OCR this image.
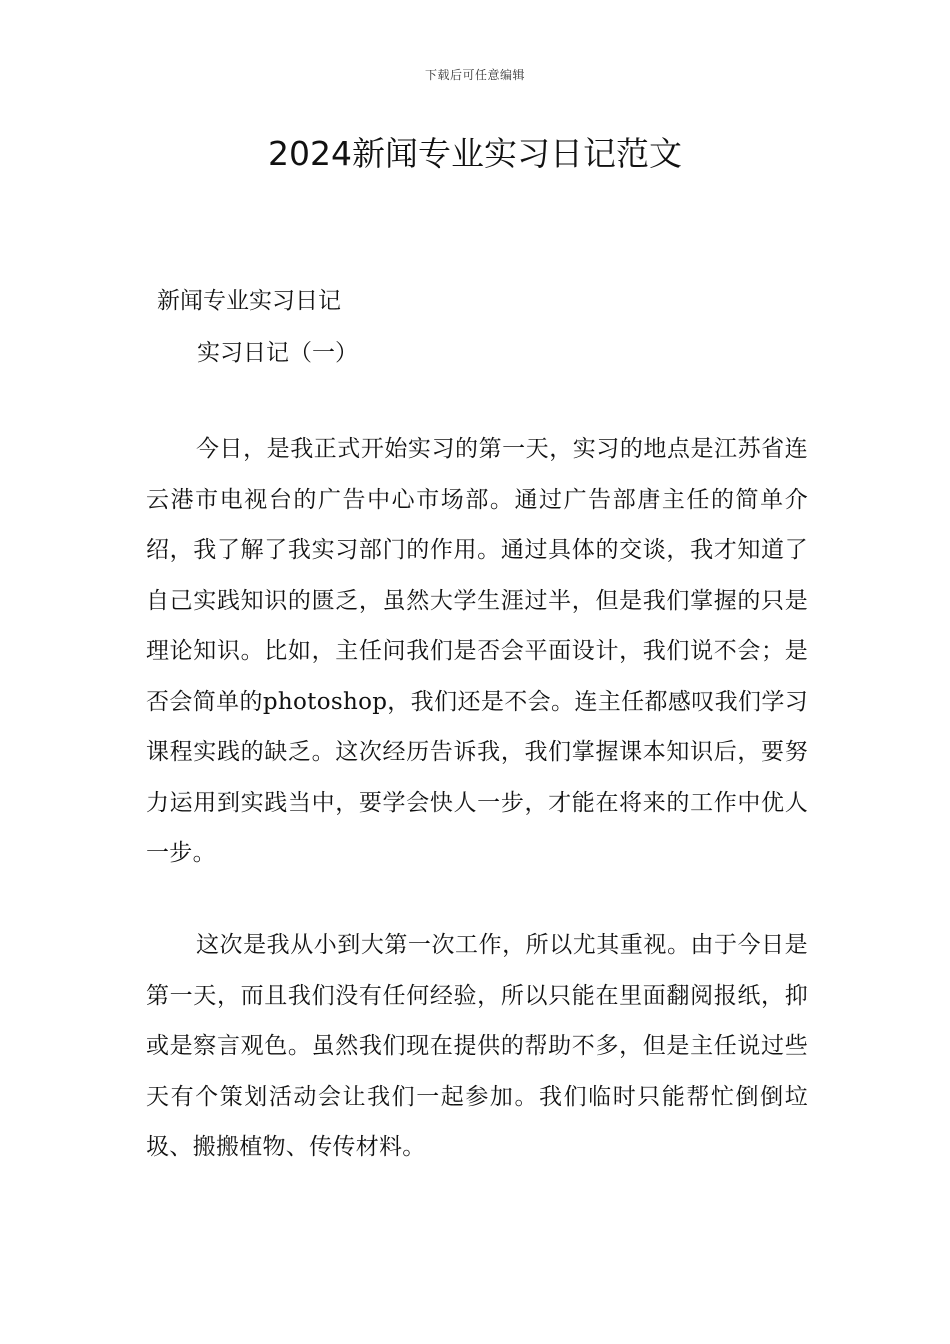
下载后可任意编辑
2024新闻专业实习日记范文
新闻专业实习日记
实习日记（一）

今日，是我正式开始实习的第一天，实习的地点是江苏省连云港市电视台的广告中心市场部。通过广告部唐主任的简单介绍，我了解了我实习部门的作用。通过具体的交谈，我才知道了自己实践知识的匮乏，虽然大学生涯过半，但是我们掌握的只是理论知识。比如，主任问我们是否会平面设计，我们说不会；是否会简单的photoshop，我们还是不会。连主任都感叹我们学习课程实践的缺乏。这次经历告诉我，我们掌握课本知识后，要努力运用到实践当中，要学会快人一步，才能在将来的工作中优人一步。

这次是我从小到大第一次工作，所以尤其重视。由于今日是第一天，而且我们没有任何经验，所以只能在里面翻阅报纸，抑或是察言观色。虽然我们现在提供的帮助不多，但是主任说过些天有个策划活动会让我们一起参加。我们临时只能帮忙倒倒垃圾、搬搬植物、传传材料。
